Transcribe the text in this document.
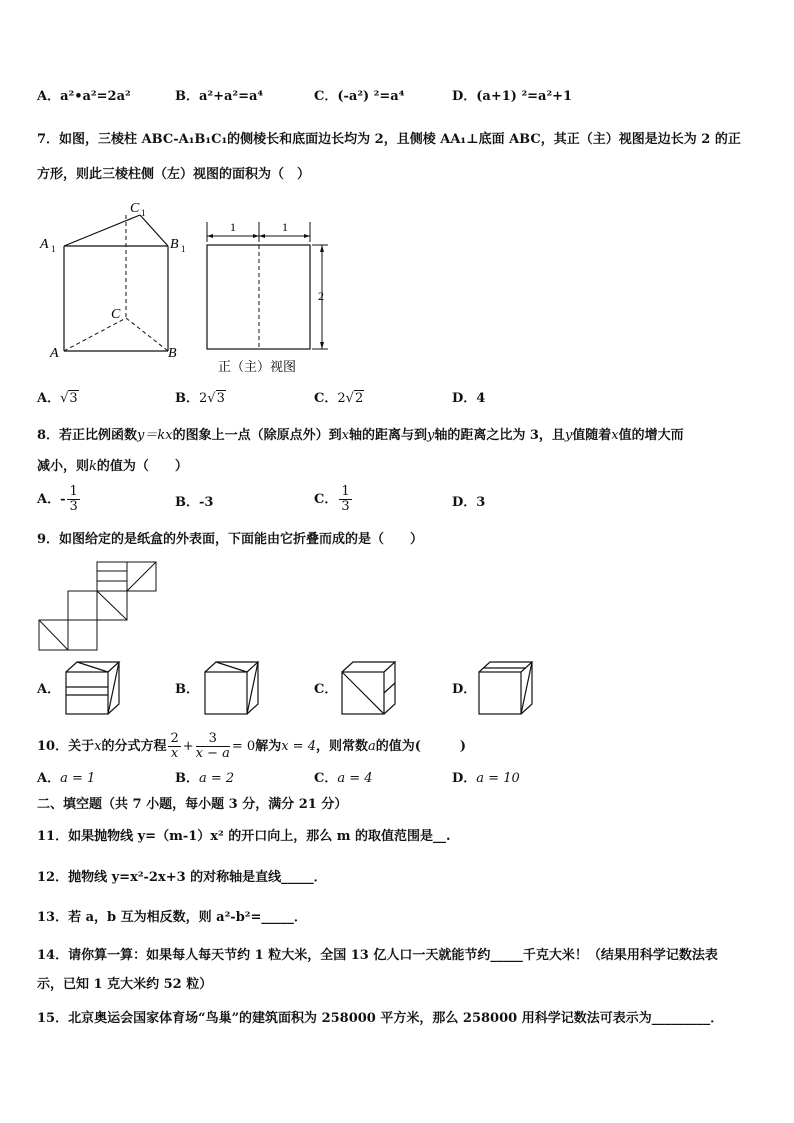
A．a²•a²=2a²	B．a²+a²=a⁴	C．(-a²) ²=a⁴	D．(a+1) ²=a²+1
7．如图，三棱柱 ABC-A₁B₁C₁的侧棱长和底面边长均为 2，且侧棱 AA₁⊥底面 ABC，其正（主）视图是边长为 2 的正
方形，则此三棱柱侧（左）视图的面积为（　）
A 1	B 1
C 1
A	B
C
1	1
2
正（主）视图
A．√3	B．2√3	C．2√2	D．4
8．若正比例函数y＝kx的图象上一点（除原点外）到x轴的距离与到y轴的距离之比为 3，且y值随着x值的增大而
减小，则k的值为（　　）
A．- $\frac{1}{3}$	B．-3	C． $\frac{1}{3}$	D．3
9．如图给定的是纸盒的外表面，下面能由它折叠而成的是（　　）
A．	B．	C．	D．
10．关于x的分式方程 $\frac{2}{x} + \frac{3}{x - a} = 0$解为x = 4，则常数a的值为(　　　)
A．a = 1	B．a = 2	C．a = 4	D．a = 10
二、填空题（共 7 小题，每小题 3 分，满分 21 分）
11．如果抛物线 y=（m-1）x² 的开口向上，那么 m 的取值范围是__.
12．抛物线 y=x²-2x+3 的对称轴是直线_____．
13．若 a，b 互为相反数，则 a²-b²=_____．
14．请你算一算：如果每人每天节约 1 粒大米，全国 13 亿人口一天就能节约_____千克大米！（结果用科学记数法表
示，已知 1 克大米约 52 粒）
15．北京奥运会国家体育场“鸟巢”的建筑面积为 258000 平方米，那么 258000 用科学记数法可表示为_________．
